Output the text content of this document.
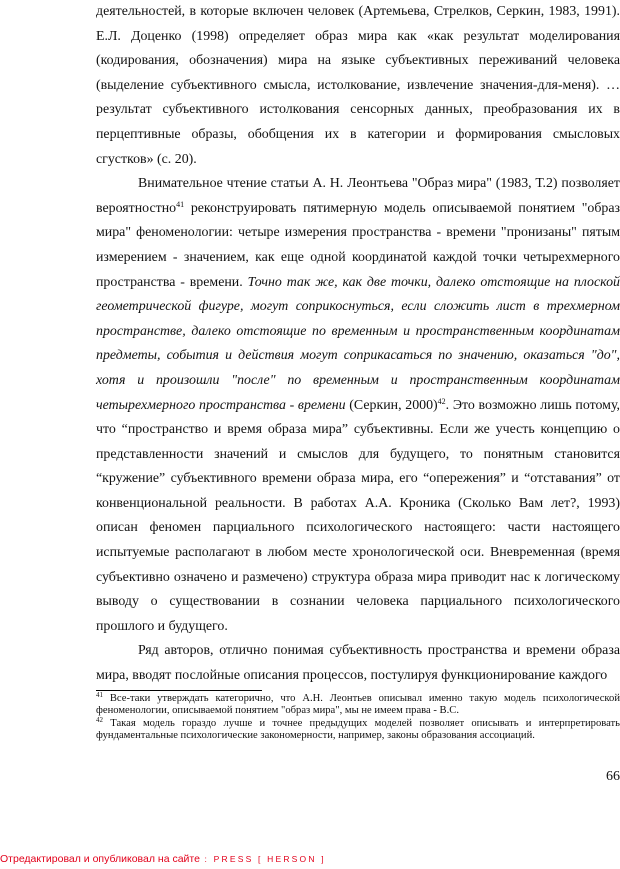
деятельностей, в которые включен человек (Артемьева, Стрелков, Серкин, 1983, 1991). Е.Л. Доценко (1998) определяет образ мира как «как результат моделирования (кодирования, обозначения) мира на языке субъективных переживаний человека (выделение субъективного смысла, истолкование, извлечение значения-для-меня). … результат субъективного истолкования сенсорных данных, преобразования их в перцептивные образы, обобщения их в категории и формирования смысловых сгустков» (с. 20).

Внимательное чтение статьи А. Н. Леонтьева "Образ мира" (1983, Т.2) позволяет вероятностно$^{41}$ реконструировать пятимерную модель описываемой понятием "образ мира" феноменологии: четыре измерения пространства - времени "пронизаны" пятым измерением - значением, как еще одной координатой каждой точки четырехмерного пространства - времени. Точно так же, как две точки, далеко отстоящие на плоской геометрической фигуре, могут соприкоснуться, если сложить лист в трехмерном пространстве, далеко отстоящие по временным и пространственным координатам предметы, события и действия могут соприкасаться по значению, оказаться "до", хотя и произошли "после" по временным и пространственным координатам четырехмерного пространства - времени (Серкин, 2000)$^{42}$. Это возможно лишь потому, что “пространство и время образа мира” субъективны. Если же учесть концепцию о представленности значений и смыслов для будущего, то понятным становится “кружение” субъективного времени образа мира, его “опережения” и “отставания” от конвенциональной реальности. В работах А.А. Кроника (Сколько Вам лет?, 1993) описан феномен парциального психологического настоящего: части настоящего испытуемые располагают в любом месте хронологической оси. Вневременная (время субъективно означено и размечено) структура образа мира приводит нас к логическому выводу о существовании в сознании человека парциального психологического прошлого и будущего.

Ряд авторов, отлично понимая субъективность пространства и времени образа мира, вводят послойные описания процессов, постулируя функционирование каждого

$^{41}$ Все-таки утверждать категорично, что А.Н. Леонтьев описывал именно такую модель психологической феноменологии, описываемой понятием "образ мира", мы не имеем права - В.С.

$^{42}$ Такая модель гораздо лучше и точнее предыдущих моделей позволяет описывать и интерпретировать фундаментальные психологические закономерности, например, законы образования ассоциаций.

66
Отредактировал и опубликовал на сайте : PRESS [ HERSON ]
